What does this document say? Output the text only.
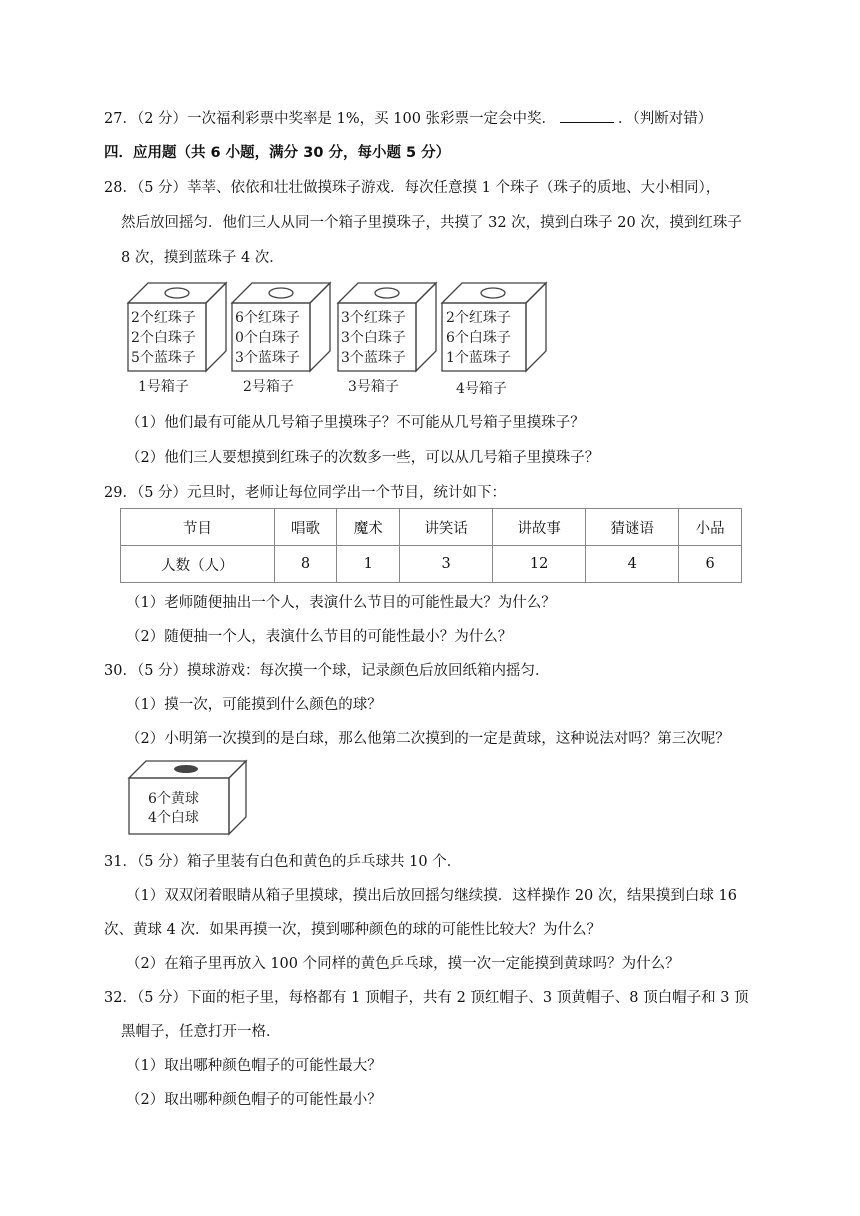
27．（2 分）一次福利彩票中奖率是 1%，买 100 张彩票一定会中奖．	．（判断对错）
四．应用题（共 6 小题，满分 30 分，每小题 5 分）
28．（5 分）莘莘、依依和壮壮做摸珠子游戏．每次任意摸 1 个珠子（珠子的质地、大小相同），
然后放回摇匀．他们三人从同一个箱子里摸珠子，共摸了 32 次，摸到白珠子 20 次，摸到红珠子
8 次，摸到蓝珠子 4 次．
2个红珠子
2个白珠子
5个蓝珠子
1号箱子
6个红珠子
0个白珠子
3个蓝珠子
2号箱子
3个红珠子
3个白珠子
3个蓝珠子
3号箱子
2个红珠子
6个白珠子
1个蓝珠子
4号箱子
（1）他们最有可能从几号箱子里摸珠子？不可能从几号箱子里摸珠子？
（2）他们三人要想摸到红珠子的次数多一些，可以从几号箱子里摸珠子？
29．（5 分）元旦时，老师让每位同学出一个节目，统计如下：
节目	唱歌	魔术	讲笑话	讲故事	猜谜语	小品
人数（人）	8	1	3	12	4	6
（1）老师随便抽出一个人，表演什么节目的可能性最大？为什么？
（2）随便抽一个人，表演什么节目的可能性最小？为什么？
30．（5 分）摸球游戏：每次摸一个球，记录颜色后放回纸箱内摇匀．
（1）摸一次，可能摸到什么颜色的球？
（2）小明第一次摸到的是白球，那么他第二次摸到的一定是黄球，这种说法对吗？第三次呢？
6个黄球
4个白球
31．（5 分）箱子里装有白色和黄色的乒乓球共 10 个．
（1）双双闭着眼睛从箱子里摸球，摸出后放回摇匀继续摸．这样操作 20 次，结果摸到白球 16
次、黄球 4 次．如果再摸一次，摸到哪种颜色的球的可能性比较大？为什么？
（2）在箱子里再放入 100 个同样的黄色乒乓球，摸一次一定能摸到黄球吗？为什么？
32．（5 分）下面的柜子里，每格都有 1 顶帽子，共有 2 顶红帽子、3 顶黄帽子、8 顶白帽子和 3 顶
黑帽子，任意打开一格．
（1）取出哪种颜色帽子的可能性最大？
（2）取出哪种颜色帽子的可能性最小？
